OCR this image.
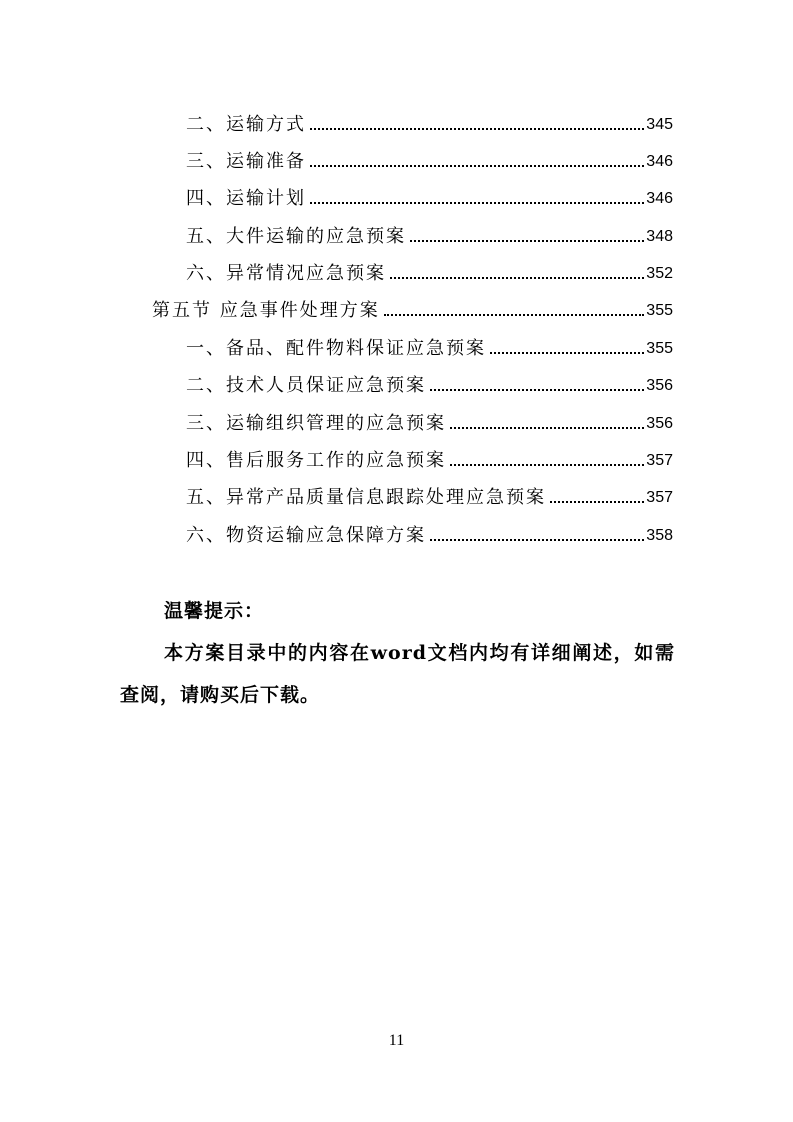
二、运输方式	345
三、运输准备	346
四、运输计划	346
五、大件运输的应急预案	348
六、异常情况应急预案	352
第五节 应急事件处理方案	355
一、备品、配件物料保证应急预案	355
二、技术人员保证应急预案	356
三、运输组织管理的应急预案	356
四、售后服务工作的应急预案	357
五、异常产品质量信息跟踪处理应急预案	357
六、物资运输应急保障方案	358
温馨提示：
本方案目录中的内容在word文档内均有详细阐述，如需查阅，请购买后下载。
11
